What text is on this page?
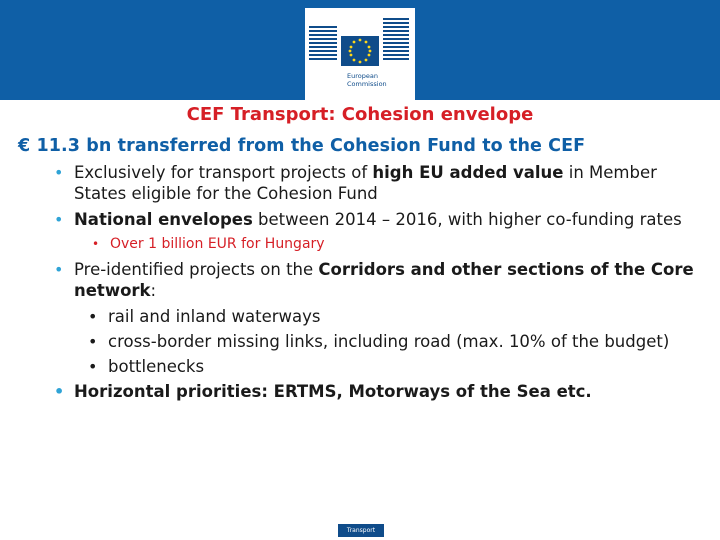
European
Commission
CEF Transport: Cohesion envelope
€ 11.3 bn transferred from the Cohesion Fund to the CEF
• Exclusively for transport projects of high EU added value in Member States eligible for the Cohesion Fund
• National envelopes between 2014 – 2016, with higher co-funding rates
• Over 1 billion EUR for Hungary
• Pre-identified projects on the Corridors and other sections of the Core network:
• rail and inland waterways
• cross-border missing links, including road (max. 10% of the budget)
• bottlenecks
• Horizontal priorities: ERTMS, Motorways of the Sea etc.
Transport
